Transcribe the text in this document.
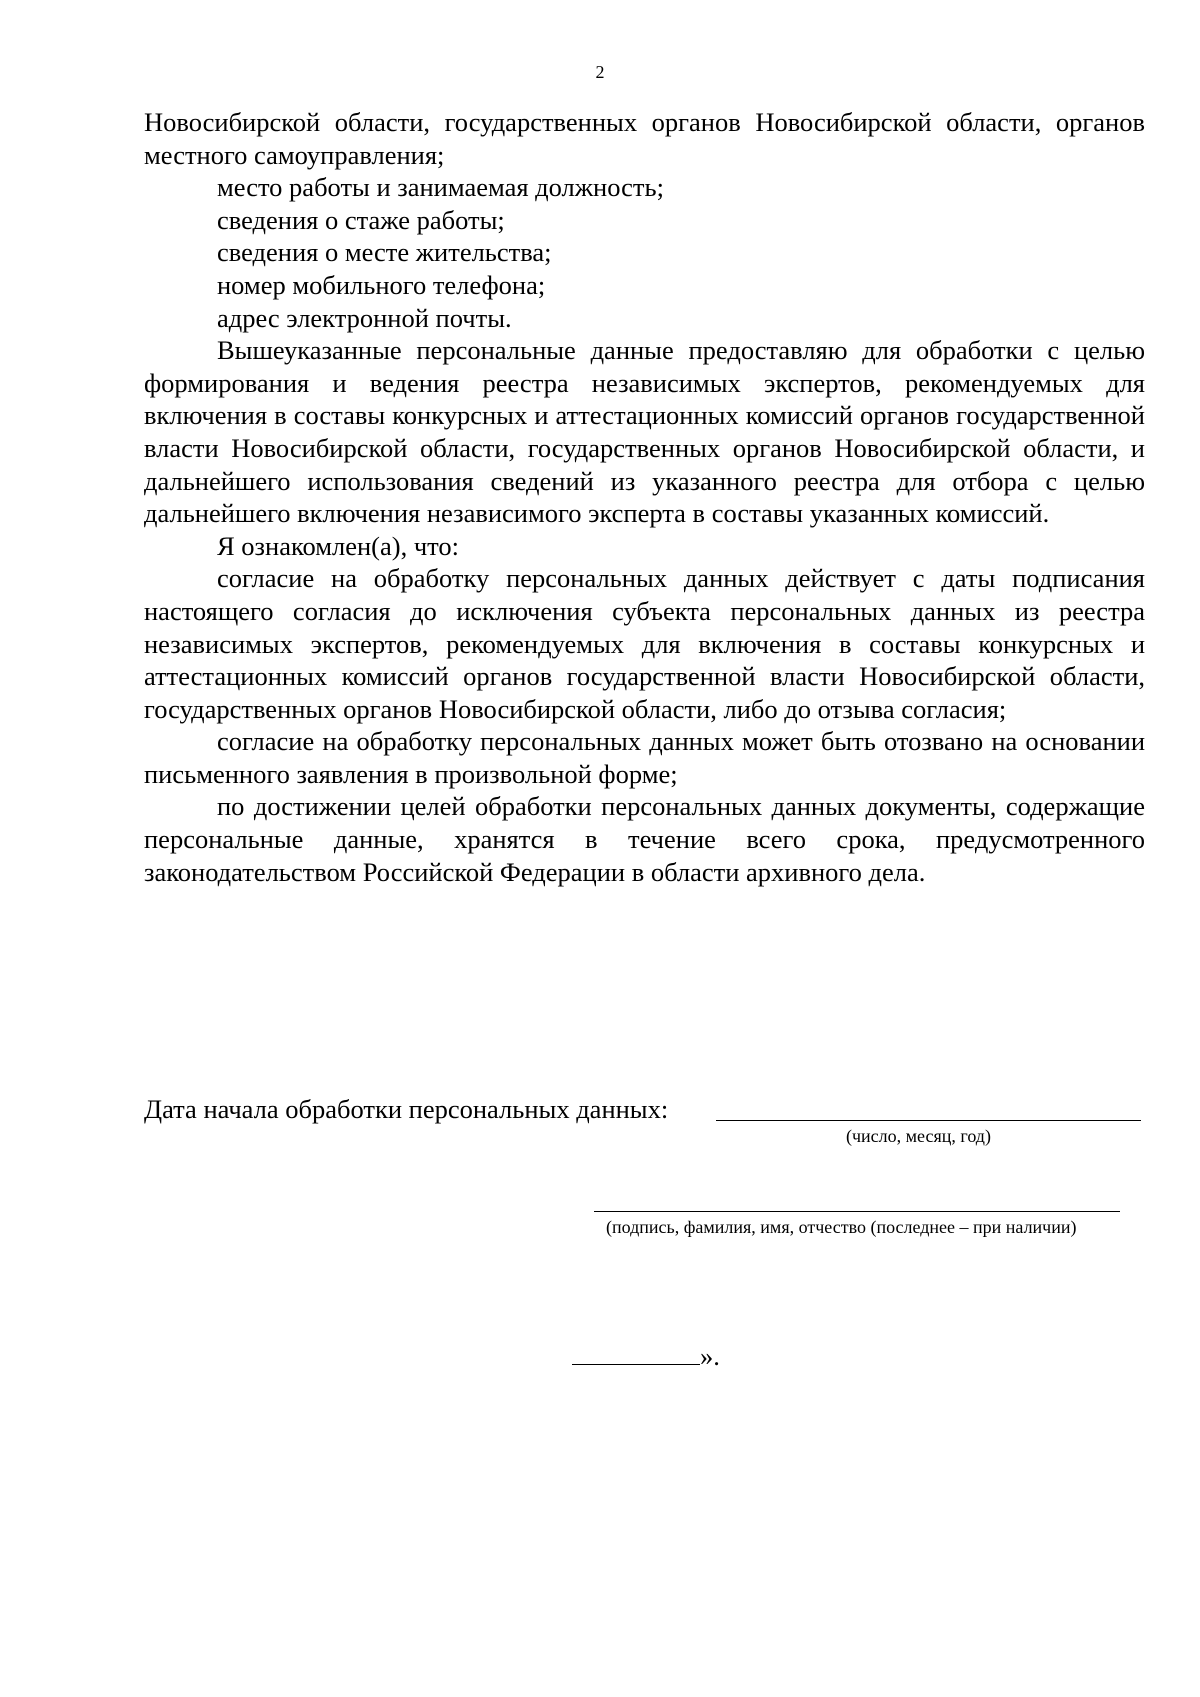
2

Новосибирской области, государственных органов Новосибирской области, органов местного самоуправления;

место работы и занимаемая должность;

сведения о стаже работы;

сведения о месте жительства;

номер мобильного телефона;

адрес электронной почты.

Вышеуказанные персональные данные предоставляю для обработки с целью формирования и ведения реестра независимых экспертов, рекомендуемых для включения в составы конкурсных и аттестационных комиссий органов государственной власти Новосибирской области, государственных органов Новосибирской области, и дальнейшего использования сведений из указанного реестра для отбора с целью дальнейшего включения независимого эксперта в составы указанных комиссий.

Я ознакомлен(а), что:

согласие на обработку персональных данных действует с даты подписания настоящего согласия до исключения субъекта персональных данных из реестра независимых экспертов, рекомендуемых для включения в составы конкурсных и аттестационных комиссий органов государственной власти Новосибирской области, государственных органов Новосибирской области, либо до отзыва согласия;

согласие на обработку персональных данных может быть отозвано на основании письменного заявления в произвольной форме;

по достижении целей обработки персональных данных документы, содержащие персональные данные, хранятся в течение всего срока, предусмотренного законодательством Российской Федерации в области архивного дела.

Дата начала обработки персональных данных:
(число, месяц, год)
(подпись, фамилия, имя, отчество (последнее – при наличии)
».
